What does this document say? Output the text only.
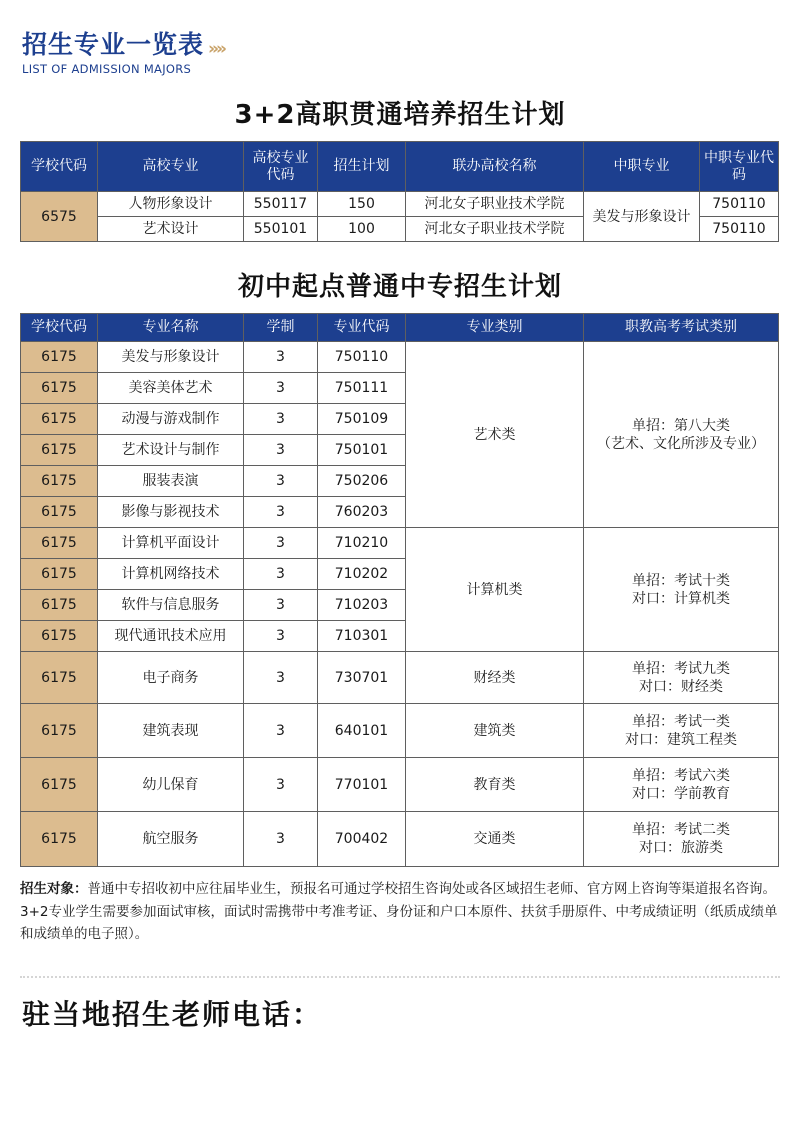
招生专业一览表 »»
LIST OF ADMISSION MAJORS
3+2高职贯通培养招生计划
学校代码	高校专业	高校专业代码	招生计划	联办高校名称	中职专业	中职专业代码
6575	人物形象设计	550117	150	河北女子职业技术学院	美发与形象设计	750110
	艺术设计	550101	100	河北女子职业技术学院		750110
初中起点普通中专招生计划
学校代码	专业名称	学制	专业代码	专业类别	职教高考考试类别
6175	美发与形象设计	3	750110	艺术类	单招：第八大类
（艺术、文化所涉及专业）

6175	美容美体艺术	3	750111		
6175	动漫与游戏制作	3	750109		
6175	艺术设计与制作	3	750101		
6175	服装表演	3	750206		
6175	影像与影视技术	3	760203		
6175	计算机平面设计	3	710210	计算机类	单招：考试十类
对口：计算机类

6175	计算机网络技术	3	710202		
6175	软件与信息服务	3	710203		
6175	现代通讯技术应用	3	710301		
6175	电子商务	3	730701	财经类	单招：考试九类
对口：财经类

6175	建筑表现	3	640101	建筑类	单招：考试一类
对口：建筑工程类

6175	幼儿保育	3	770101	教育类	单招：考试六类
对口：学前教育

6175	航空服务	3	700402	交通类	单招：考试二类
对口：旅游类
招生对象：普通中专招收初中应往届毕业生，预报名可通过学校招生咨询处或各区域招生老师、官方网上咨询等渠道报名咨询。3+2专业学生需要参加面试审核，面试时需携带中考准考证、身份证和户口本原件、扶贫手册原件、中考成绩证明（纸质成绩单和成绩单的电子照）。
驻当地招生老师电话：
